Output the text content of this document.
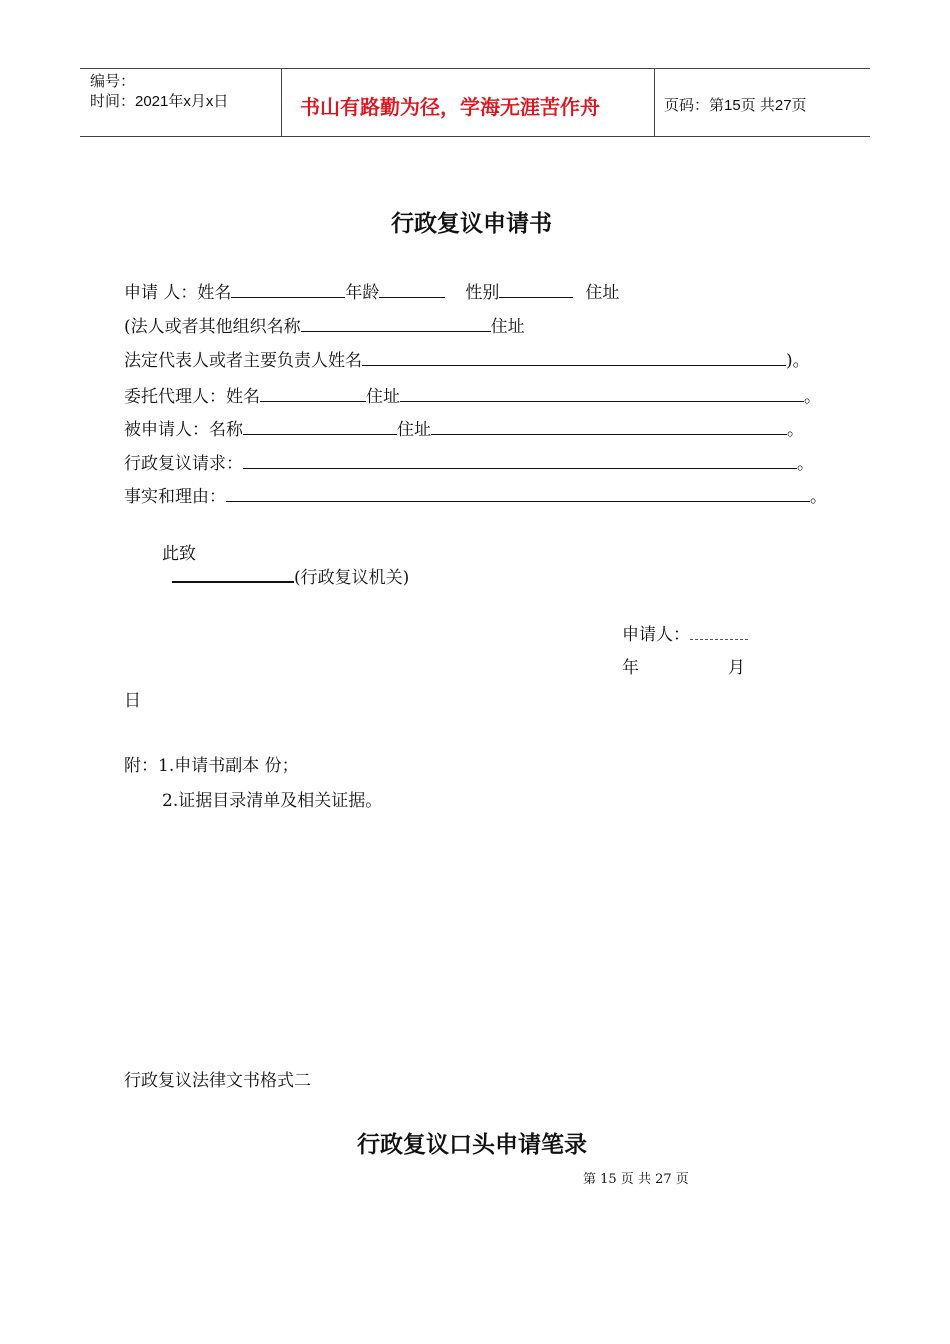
编号：
时间：2021年x月x日	书山有路勤为径，学海无涯苦作舟	页码：第15页 共27页
行政复议申请书
申请 人：姓名	年龄	性别	住址
(法人或者其他组织名称	住址
法定代表人或者主要负责人姓名	)。
委托代理人：姓名	住址	。
被申请人：名称	住址	。
行政复议请求：	。
事实和理由：	。
此致
(行政复议机关)
申请人：
年	月
日
附：1.申请书副本 份；
2.证据目录清单及相关证据。
行政复议法律文书格式二
行政复议口头申请笔录
第 15 页 共 27 页
